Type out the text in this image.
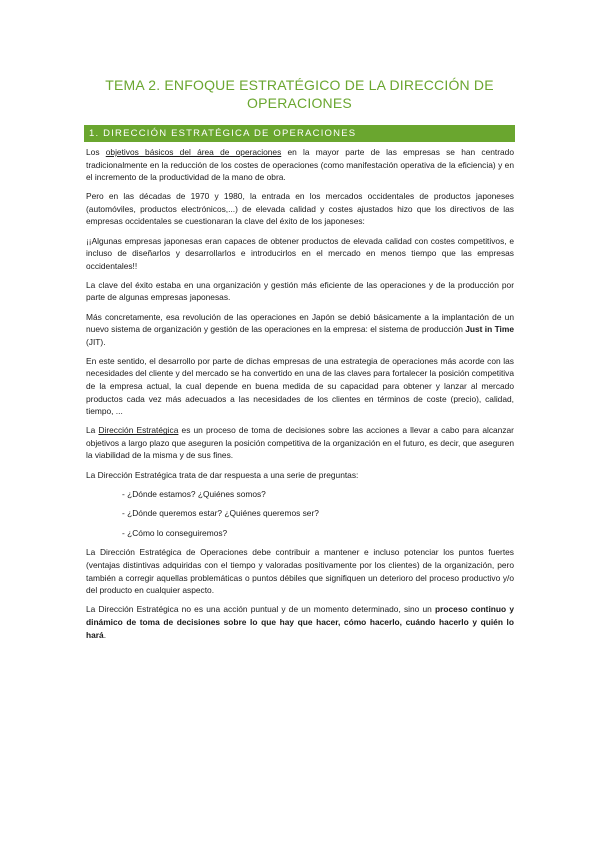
TEMA 2. ENFOQUE ESTRATÉGICO DE LA DIRECCIÓN DE
OPERACIONES
1. DIRECCIÓN ESTRATÉGICA DE OPERACIONES

Los objetivos básicos del área de operaciones en la mayor parte de las empresas se han centrado tradicionalmente en la reducción de los costes de operaciones (como manifestación operativa de la eficiencia) y en el incremento de la productividad de la mano de obra.

Pero en las décadas de 1970 y 1980, la entrada en los mercados occidentales de productos japoneses (automóviles, productos electrónicos,...) de elevada calidad y costes ajustados hizo que los directivos de las empresas occidentales se cuestionaran la clave del éxito de los japoneses:

¡¡Algunas empresas japonesas eran capaces de obtener productos de elevada calidad con costes competitivos, e incluso de diseñarlos y desarrollarlos e introducirlos en el mercado en menos tiempo que las empresas occidentales!!

La clave del éxito estaba en una organización y gestión más eficiente de las operaciones y de la producción por parte de algunas empresas japonesas.

Más concretamente, esa revolución de las operaciones en Japón se debió básicamente a la implantación de un nuevo sistema de organización y gestión de las operaciones en la empresa: el sistema de producción Just in Time (JIT).

En este sentido, el desarrollo por parte de dichas empresas de una estrategia de operaciones más acorde con las necesidades del cliente y del mercado se ha convertido en una de las claves para fortalecer la posición competitiva de la empresa actual, la cual depende en buena medida de su capacidad para obtener y lanzar al mercado productos cada vez más adecuados a las necesidades de los clientes en términos de coste (precio), calidad, tiempo, ...

La Dirección Estratégica es un proceso de toma de decisiones sobre las acciones a llevar a cabo para alcanzar objetivos a largo plazo que aseguren la posición competitiva de la organización en el futuro, es decir, que aseguren la viabilidad de la misma y de sus fines.

La Dirección Estratégica trata de dar respuesta a una serie de preguntas:

- ¿Dónde estamos? ¿Quiénes somos?

- ¿Dónde queremos estar? ¿Quiénes queremos ser?

- ¿Cómo lo conseguiremos?

La Dirección Estratégica de Operaciones debe contribuir a mantener e incluso potenciar los puntos fuertes (ventajas distintivas adquiridas con el tiempo y valoradas positivamente por los clientes) de la organización, pero también a corregir aquellas problemáticas o puntos débiles que signifiquen un deterioro del proceso productivo y/o del producto en cualquier aspecto.

La Dirección Estratégica no es una acción puntual y de un momento determinado, sino un proceso continuo y dinámico de toma de decisiones sobre lo que hay que hacer, cómo hacerlo, cuándo hacerlo y quién lo hará.
